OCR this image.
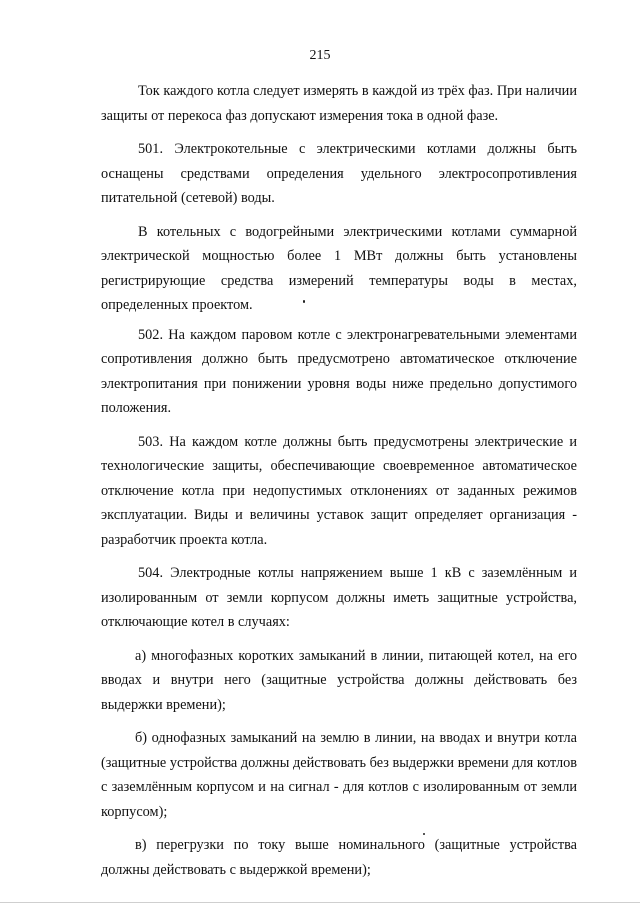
215

Ток каждого котла следует измерять в каждой из трёх фаз. При наличии защиты от перекоса фаз допускают измерения тока в одной фазе.

501. Электрокотельные с электрическими котлами должны быть оснащены средствами определения удельного электросопротивления питательной (сетевой) воды.

В котельных с водогрейными электрическими котлами суммарной электрической мощностью более 1 МВт должны быть установлены регистрирующие средства измерений температуры воды в местах, определенных проектом.

502. На каждом паровом котле с электронагревательными элементами сопротивления должно быть предусмотрено автоматическое отключение электропитания при понижении уровня воды ниже предельно допустимого положения.

503. На каждом котле должны быть предусмотрены электрические и технологические защиты, обеспечивающие своевременное автоматическое отключение котла при недопустимых отклонениях от заданных режимов эксплуатации. Виды и величины уставок защит определяет организация - разработчик проекта котла.

504. Электродные котлы напряжением выше 1 кВ с заземлённым и изолированным от земли корпусом должны иметь защитные устройства, отключающие котел в случаях:

а) многофазных коротких замыканий в линии, питающей котел, на его вводах и внутри него (защитные устройства должны действовать без выдержки времени);

б) однофазных замыканий на землю в линии, на вводах и внутри котла (защитные устройства должны действовать без выдержки времени для котлов с заземлённым корпусом и на сигнал - для котлов с изолированным от земли корпусом);

в) перегрузки по току выше номинального (защитные устройства должны действовать с выдержкой времени);
